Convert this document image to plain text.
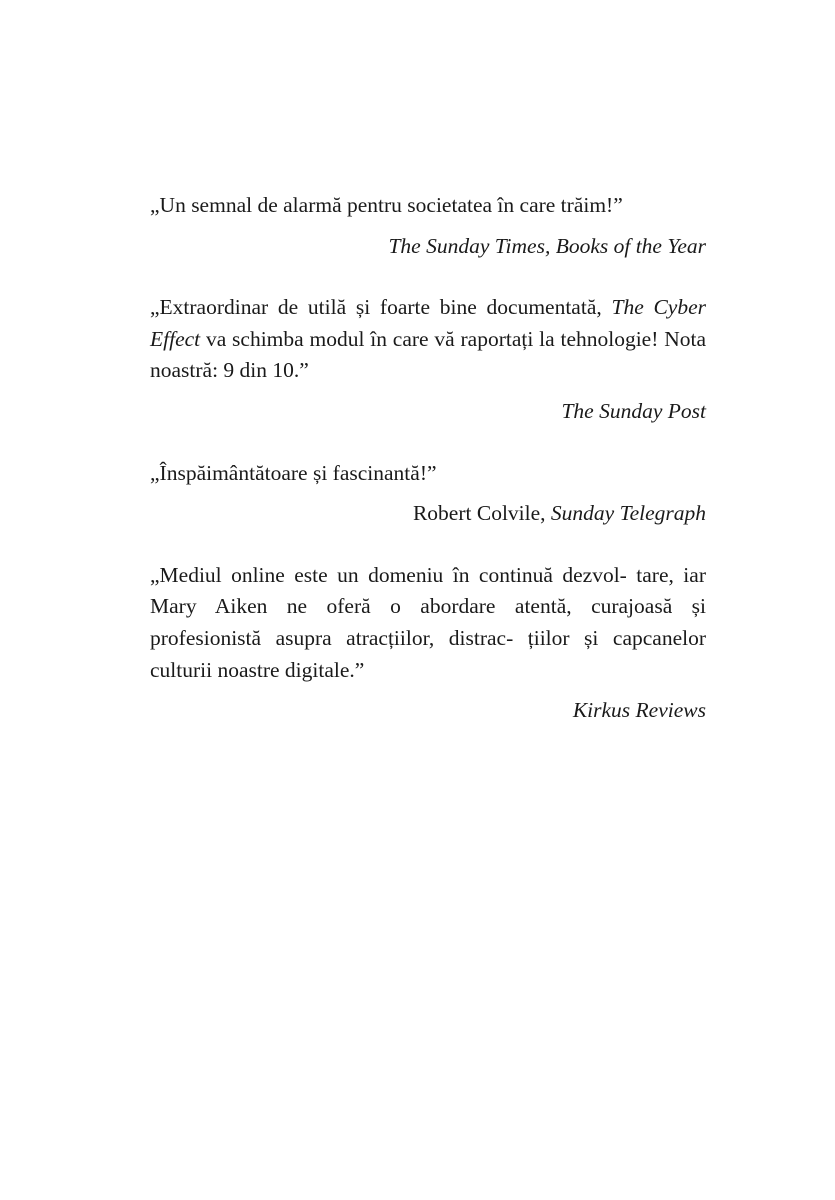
„Un semnal de alarmă pentru societatea în care trăim!”

The Sunday Times, Books of the Year

„Extraordinar de utilă și foarte bine documentată, The Cyber Effect va schimba modul în care vă raportați la tehnologie! Nota noastră: 9 din 10.”

The Sunday Post

„Înspăimântătoare și fascinantă!”

Robert Colvile, Sunday Telegraph

„Mediul online este un domeniu în continuă dezvol- tare, iar Mary Aiken ne oferă o abordare atentă, curajoasă și profesionistă asupra atracțiilor, distrac- țiilor și capcanelor culturii noastre digitale.”

Kirkus Reviews
